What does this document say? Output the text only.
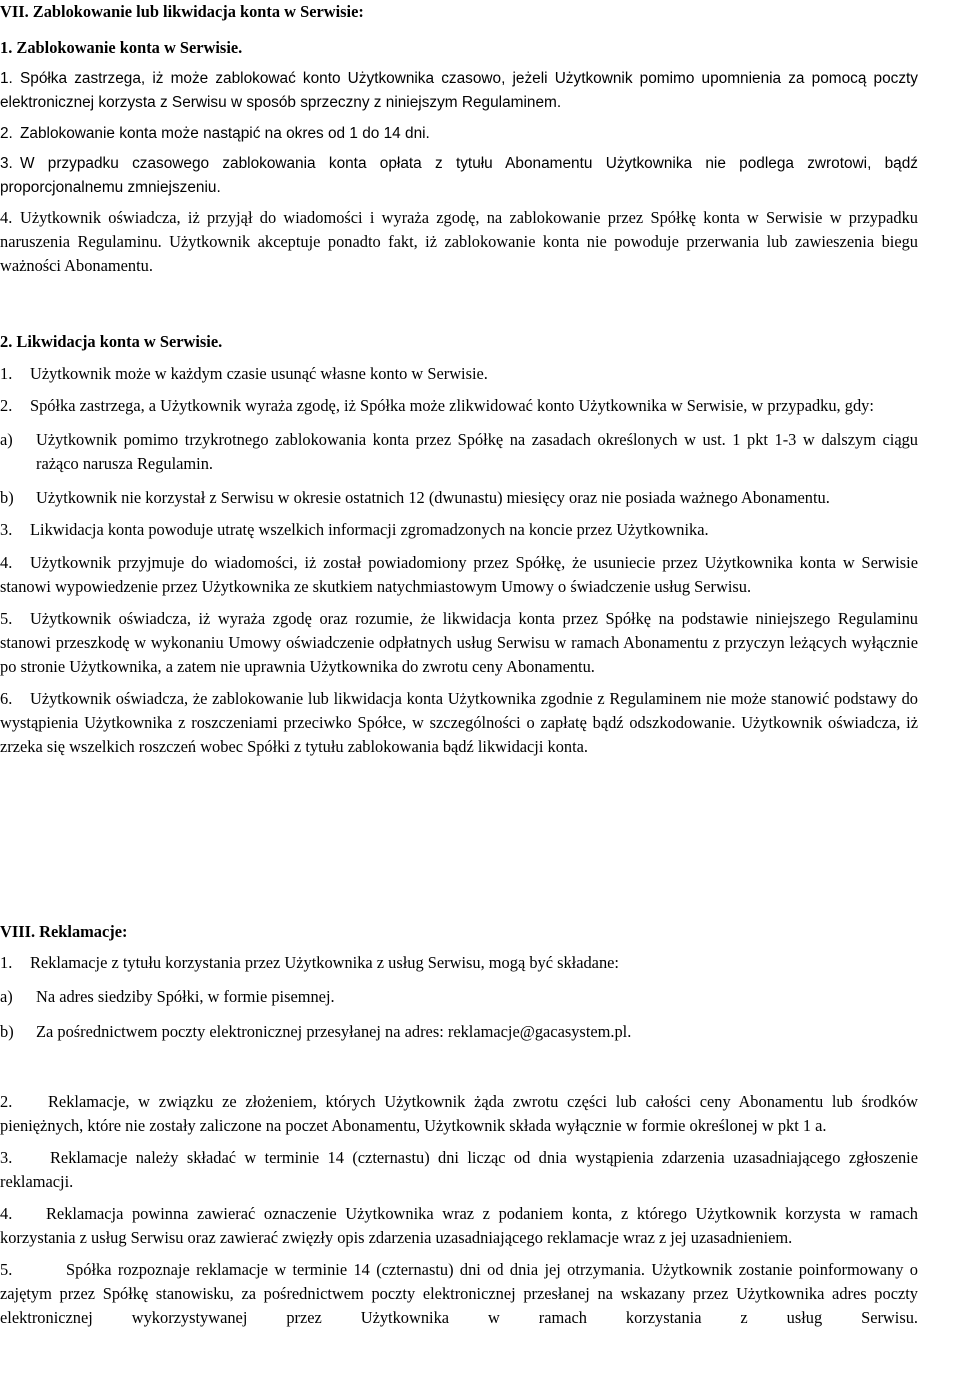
VII. Zablokowanie lub likwidacja konta w Serwisie:

1. Zablokowanie konta w Serwisie.

1. Spółka zastrzega, iż może zablokować konto Użytkownika czasowo, jeżeli Użytkownik pomimo upomnienia za pomocą poczty elektronicznej korzysta z Serwisu w sposób sprzeczny z niniejszym Regulaminem.

2. Zablokowanie konta może nastąpić na okres od 1 do 14 dni.

3. W przypadku czasowego zablokowania konta opłata z tytułu Abonamentu Użytkownika nie podlega zwrotowi, bądź proporcjonalnemu zmniejszeniu.

4. Użytkownik oświadcza, iż przyjął do wiadomości i wyraża zgodę, na zablokowanie przez Spółkę konta w Serwisie w przypadku naruszenia Regulaminu. Użytkownik akceptuje ponadto fakt, iż zablokowanie konta nie powoduje przerwania lub zawieszenia biegu ważności Abonamentu.

2. Likwidacja konta w Serwisie.

1. Użytkownik może w każdym czasie usunąć własne konto w Serwisie.

2. Spółka zastrzega, a Użytkownik wyraża zgodę, iż Spółka może zlikwidować konto Użytkownika w Serwisie, w przypadku, gdy:

a) Użytkownik pomimo trzykrotnego zablokowania konta przez Spółkę na zasadach określonych w ust. 1 pkt 1-3 w dalszym ciągu rażąco narusza Regulamin.

b) Użytkownik nie korzystał z Serwisu w okresie ostatnich 12 (dwunastu) miesięcy oraz nie posiada ważnego Abonamentu.

3. Likwidacja konta powoduje utratę wszelkich informacji zgromadzonych na koncie przez Użytkownika.

4. Użytkownik przyjmuje do wiadomości, iż został powiadomiony przez Spółkę, że usuniecie przez Użytkownika konta w Serwisie stanowi wypowiedzenie przez Użytkownika ze skutkiem natychmiastowym Umowy o świadczenie usług Serwisu.

5. Użytkownik oświadcza, iż wyraża zgodę oraz rozumie, że likwidacja konta przez Spółkę na podstawie niniejszego Regulaminu stanowi przeszkodę w wykonaniu Umowy oświadczenie odpłatnych usług Serwisu w ramach Abonamentu z przyczyn leżących wyłącznie po stronie Użytkownika, a zatem nie uprawnia Użytkownika do zwrotu ceny Abonamentu.

6. Użytkownik oświadcza, że zablokowanie lub likwidacja konta Użytkownika zgodnie z Regulaminem nie może stanowić podstawy do wystąpienia Użytkownika z roszczeniami przeciwko Spółce, w szczególności o zapłatę bądź odszkodowanie. Użytkownik oświadcza, iż zrzeka się wszelkich roszczeń wobec Spółki z tytułu zablokowania bądź likwidacji konta.

VIII. Reklamacje:

1. Reklamacje z tytułu korzystania przez Użytkownika z usług Serwisu, mogą być składane:

a) Na adres siedziby Spółki, w formie pisemnej.

b) Za pośrednictwem poczty elektronicznej przesyłanej na adres: reklamacje@gacasystem.pl.

2. Reklamacje, w związku ze złożeniem, których Użytkownik żąda zwrotu części lub całości ceny Abonamentu lub środków pieniężnych, które nie zostały zaliczone na poczet Abonamentu, Użytkownik składa wyłącznie w formie określonej w pkt 1 a.

3. Reklamacje należy składać w terminie 14 (czternastu) dni licząc od dnia wystąpienia zdarzenia uzasadniającego zgłoszenie reklamacji.

4. Reklamacja powinna zawierać oznaczenie Użytkownika wraz z podaniem konta, z którego Użytkownik korzysta w ramach korzystania z usług Serwisu oraz zawierać zwięzły opis zdarzenia uzasadniającego reklamacje wraz z jej uzasadnieniem.

5.	Spółka rozpoznaje reklamacje w terminie 14 (czternastu) dni od dnia jej otrzymania. Użytkownik zostanie poinformowany o zajętym przez Spółkę stanowisku, za pośrednictwem poczty elektronicznej przesłanej na wskazany przez Użytkownika adres poczty elektronicznej wykorzystywanej przez Użytkownika w ramach korzystania z usług Serwisu.
